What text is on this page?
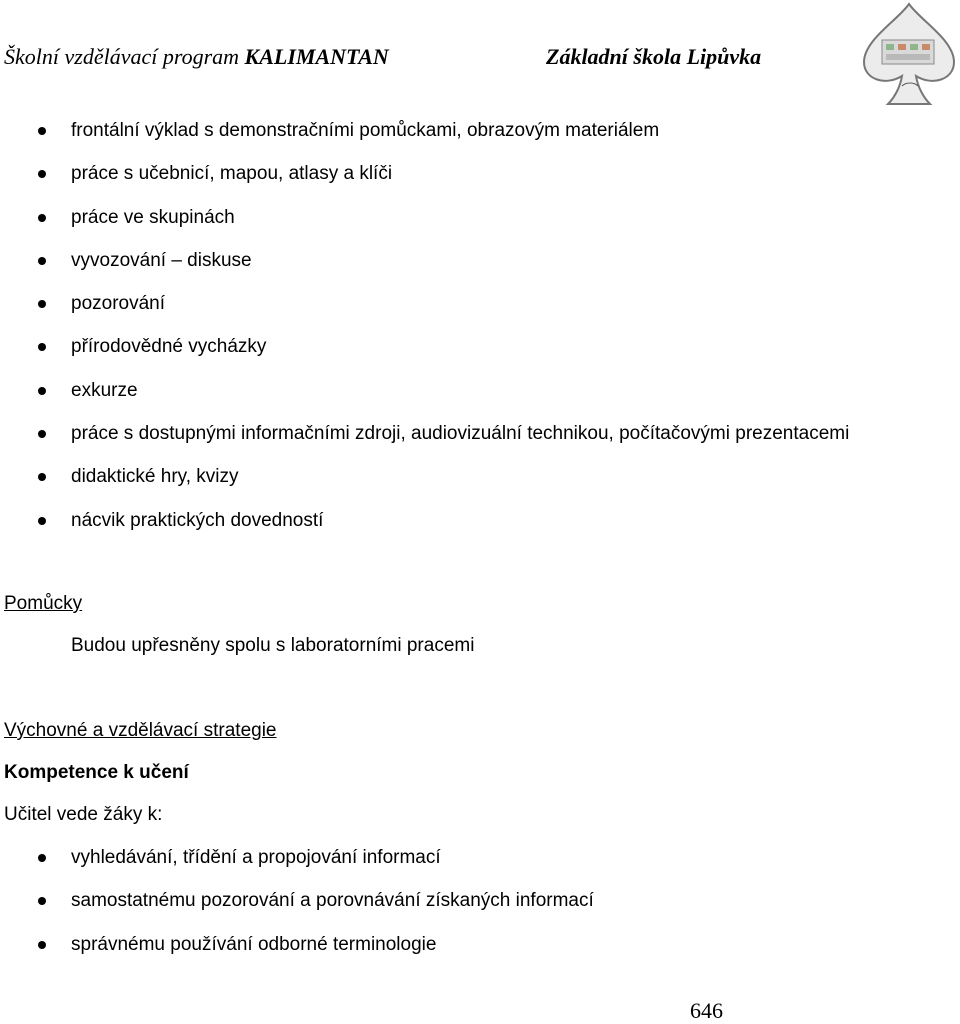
Školní vzdělávací program KALIMANTAN	Základní škola Lipůvka
frontální výklad s demonstračními pomůckami, obrazovým materiálem
práce s učebnicí, mapou, atlasy a klíči
práce ve skupinách
vyvozování – diskuse
pozorování
přírodovědné vycházky
exkurze
práce s dostupnými informačními zdroji, audiovizuální technikou, počítačovými prezentacemi
didaktické hry, kvizy
nácvik praktických dovedností
Pomůcky
Budou upřesněny spolu s laboratorními pracemi
Výchovné a vzdělávací strategie
Kompetence k učení
Učitel vede žáky k:
vyhledávání, třídění a propojování informací
samostatnému pozorování a porovnávání získaných informací
správnému používání odborné terminologie
646
